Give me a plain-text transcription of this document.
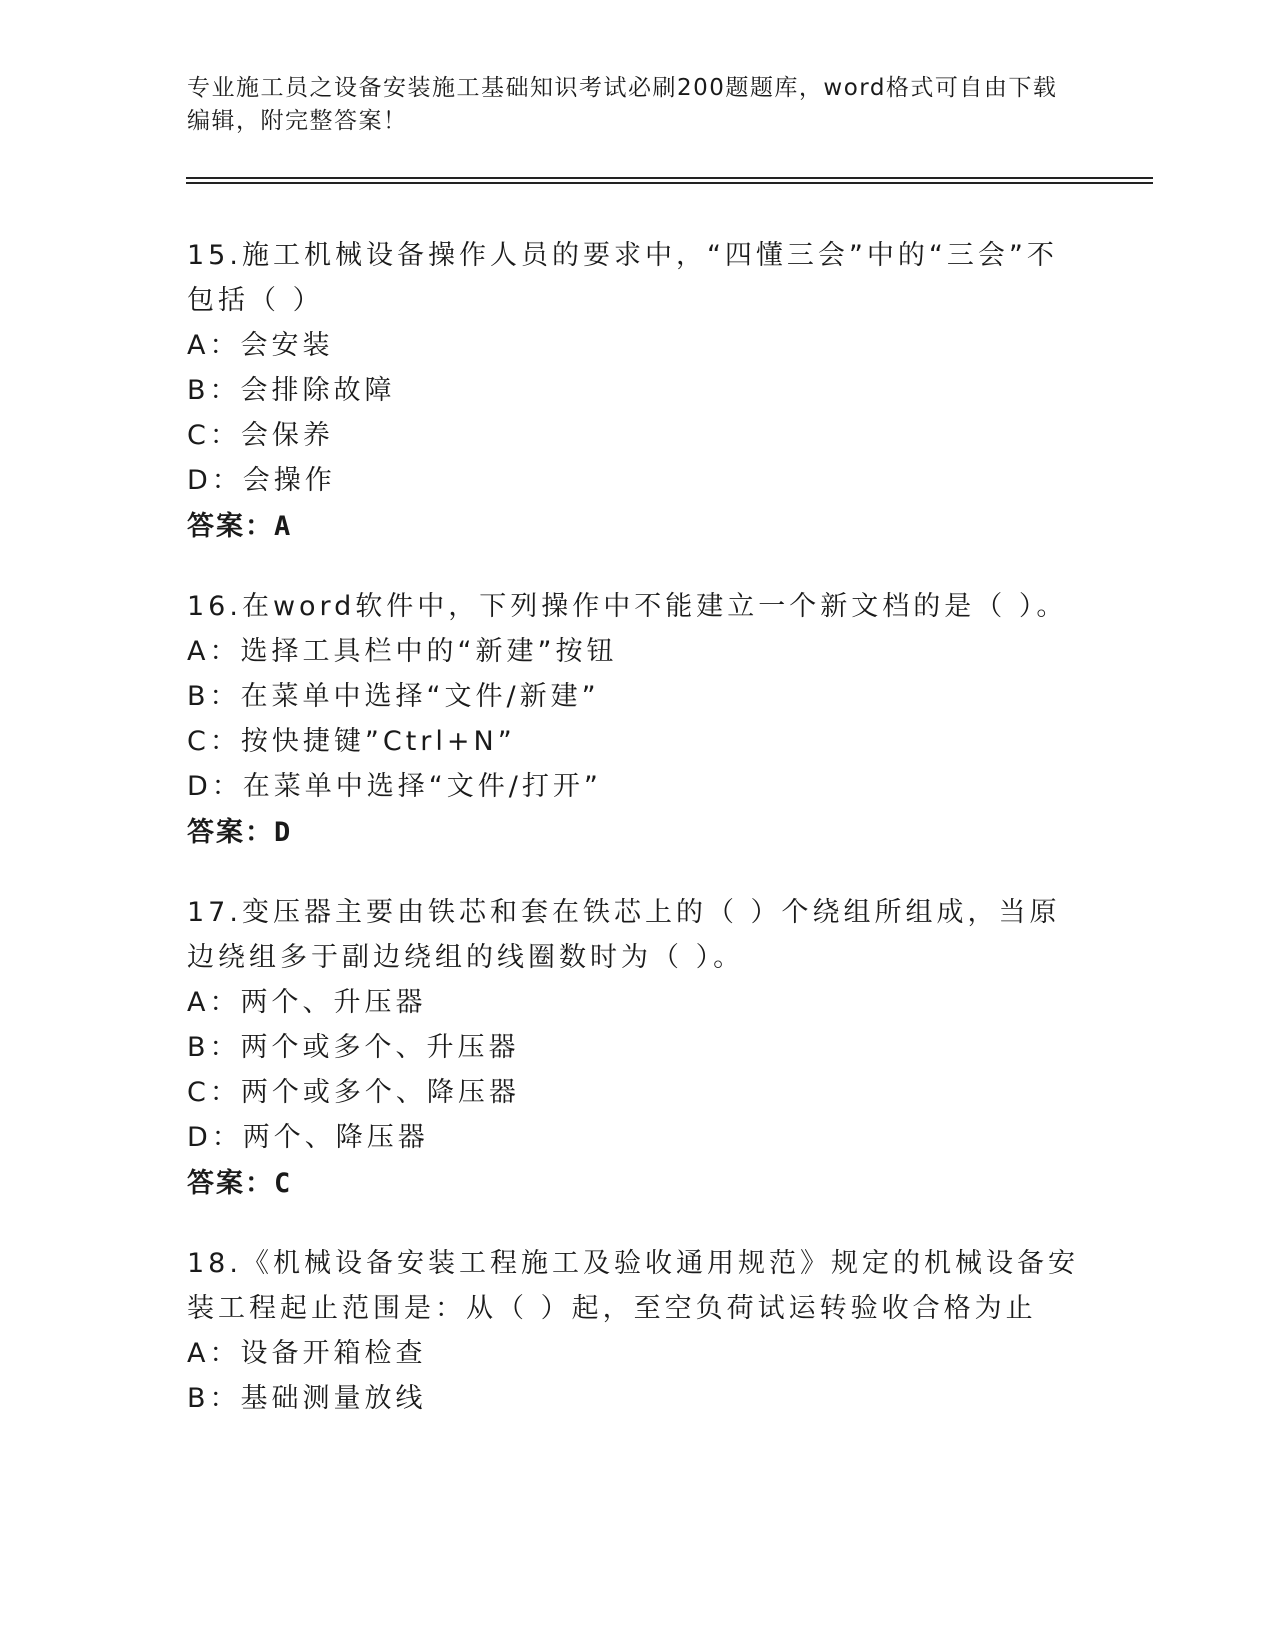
专业施工员之设备安装施工基础知识考试必刷200题题库，word格式可自由下载编辑，附完整答案！

15.施工机械设备操作人员的要求中，“四懂三会”中的“三会”不包括（ ）

A：会安装

B：会排除故障

C：会保养

D：会操作

答案：A

16.在word软件中，下列操作中不能建立一个新文档的是（ ）。

A：选择工具栏中的“新建”按钮

B：在菜单中选择“文件/新建”

C：按快捷键”Ctrl+N”

D：在菜单中选择“文件/打开”

答案：D

17.变压器主要由铁芯和套在铁芯上的（ ）个绕组所组成，当原边绕组多于副边绕组的线圈数时为（ ）。

A：两个、升压器

B：两个或多个、升压器

C：两个或多个、降压器

D：两个、降压器

答案：C

18.《机械设备安装工程施工及验收通用规范》规定的机械设备安装工程起止范围是：从（ ）起，至空负荷试运转验收合格为止

A：设备开箱检查

B：基础测量放线
